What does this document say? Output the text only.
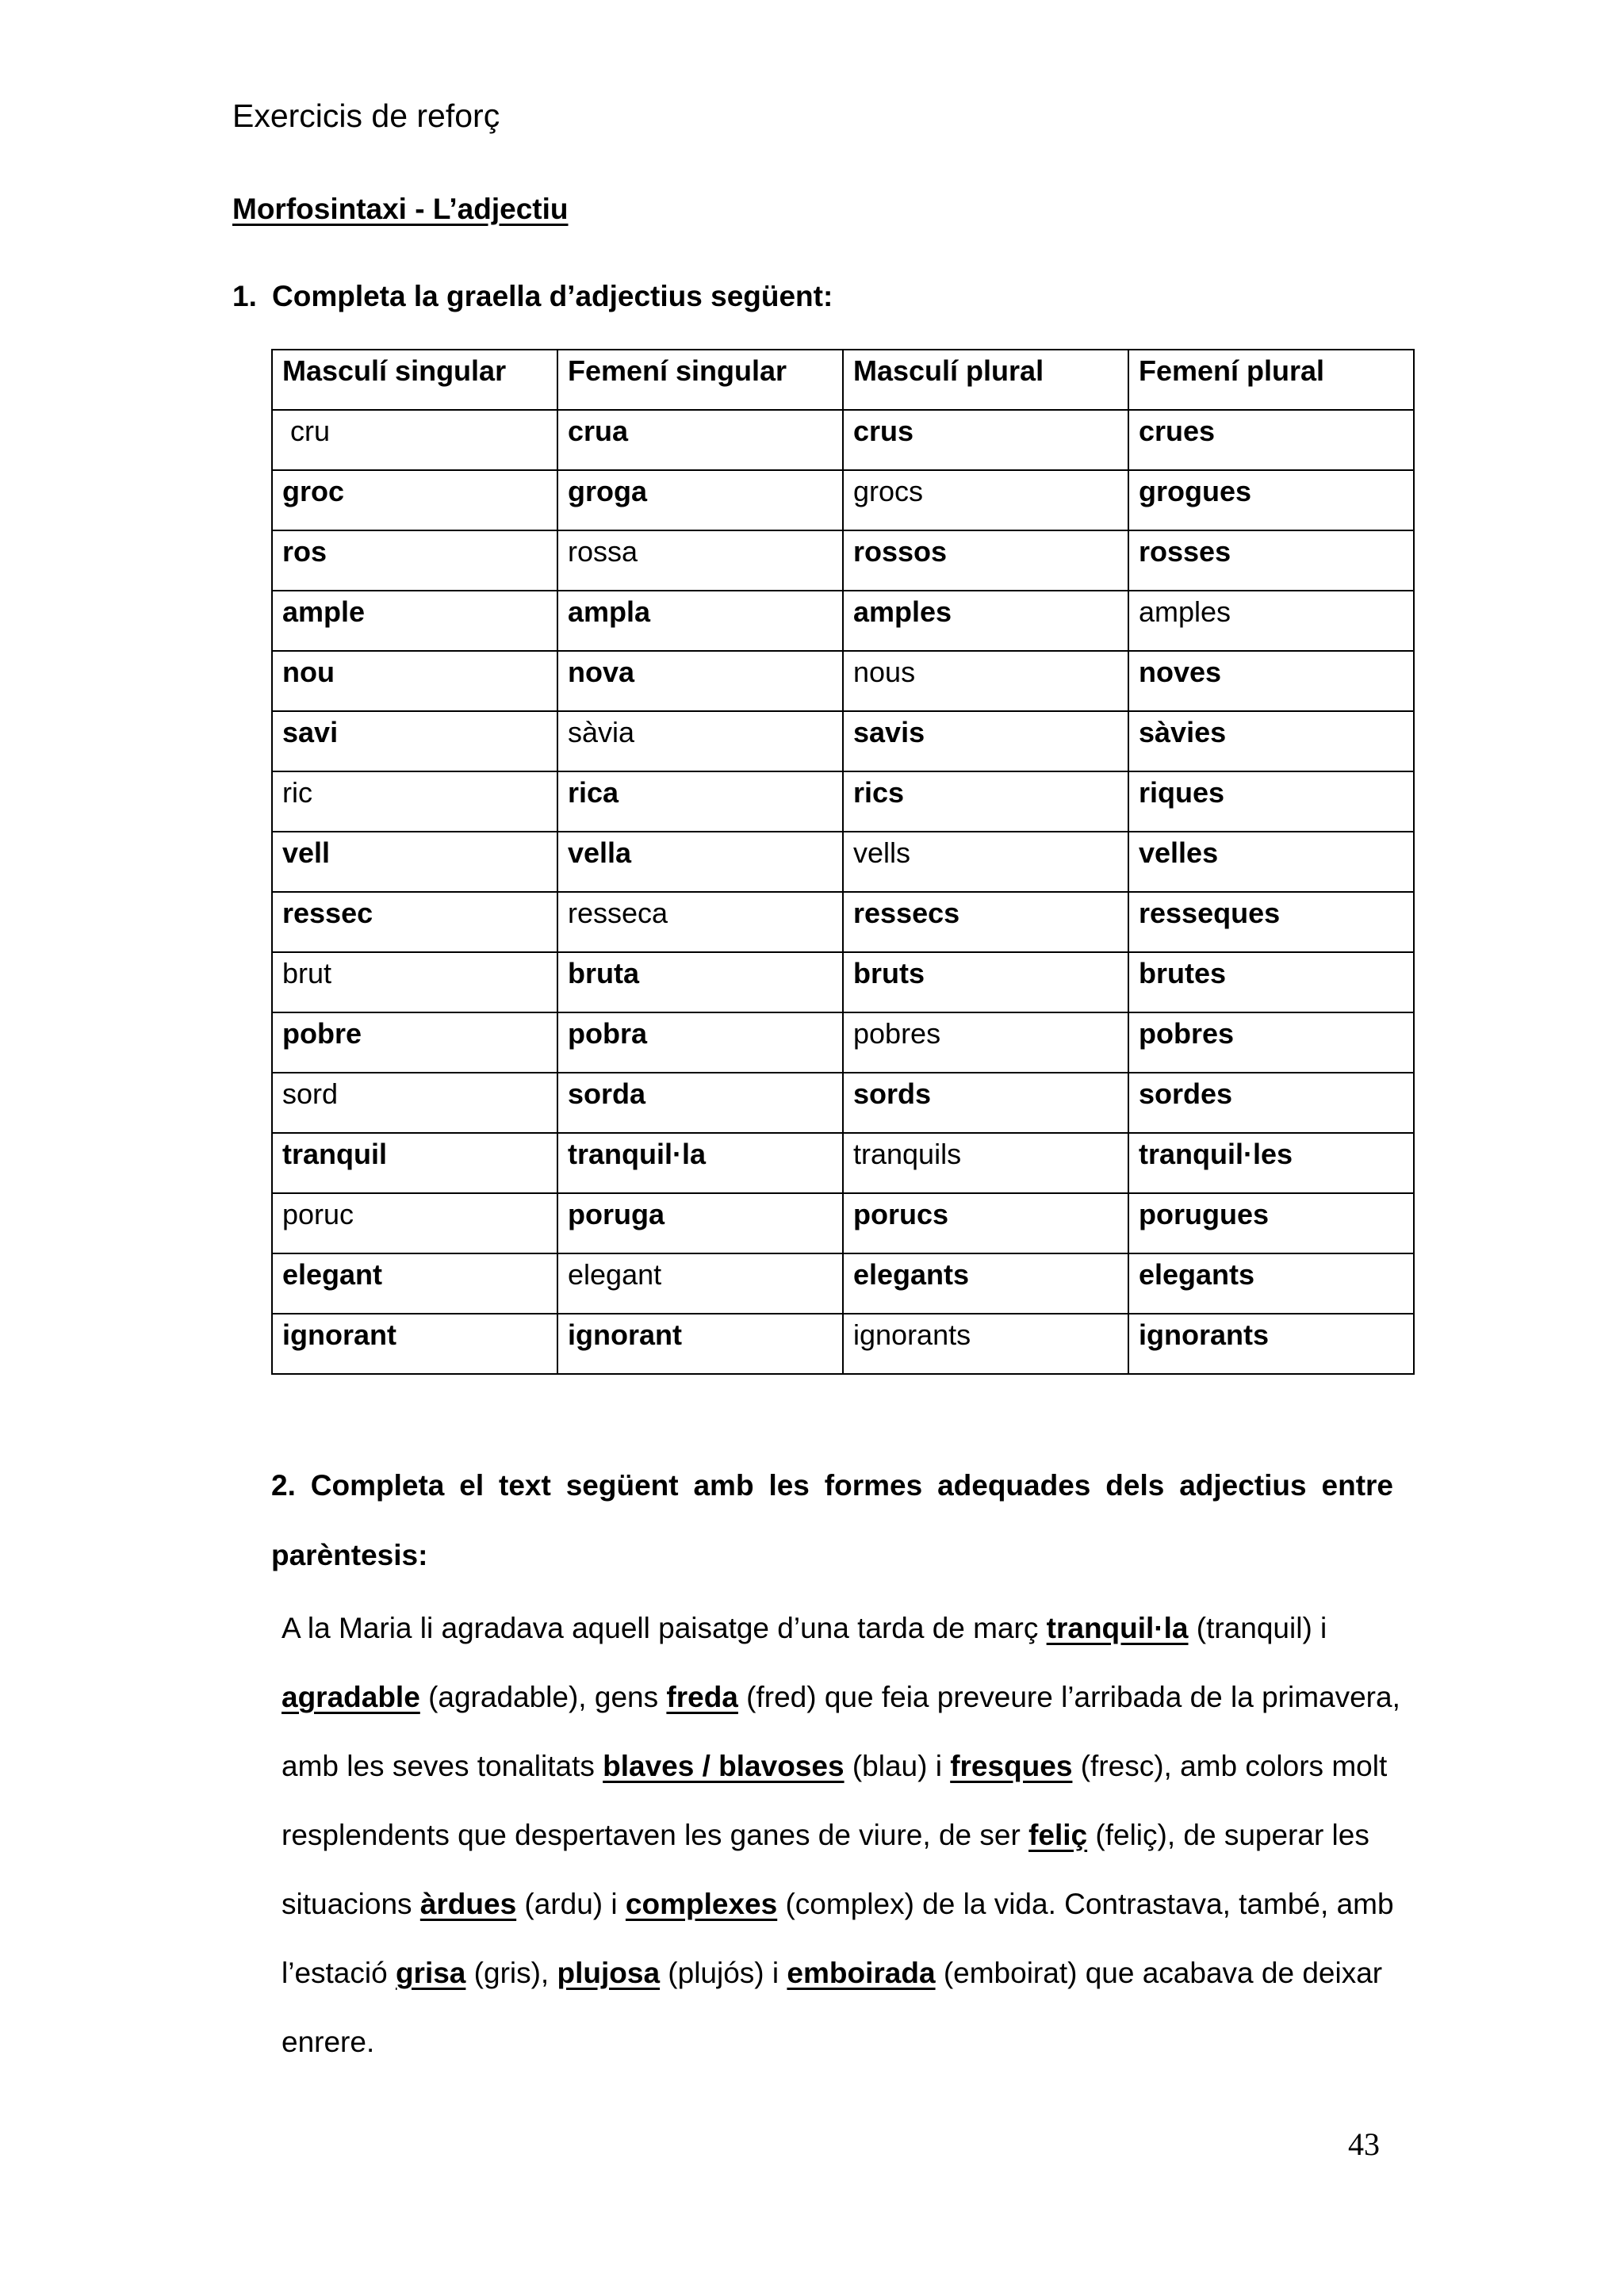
Exercicis de reforç
Morfosintaxi - L’adjectiu
1. Completa la graella d’adjectius següent:
Masculí singular	Femení singular	Masculí plural	Femení plural
cru	crua	crus	crues
groc	groga	grocs	grogues
ros	rossa	rossos	rosses
ample	ampla	amples	amples
nou	nova	nous	noves
savi	sàvia	savis	sàvies
ric	rica	rics	riques
vell	vella	vells	velles
ressec	resseca	ressecs	resseques
brut	bruta	bruts	brutes
pobre	pobra	pobres	pobres
sord	sorda	sords	sordes
tranquil	tranquil·la	tranquils	tranquil·les
poruc	poruga	porucs	porugues
elegant	elegant	elegants	elegants
ignorant	ignorant	ignorants	ignorants
2. Completa el text següent amb les formes adequades dels adjectius entre parèntesis:
A la Maria li agradava aquell paisatge d’una tarda de març tranquil·la (tranquil) i agradable (agradable), gens freda (fred) que feia preveure l’arribada de la primavera, amb les seves tonalitats blaves / blavoses (blau) i fresques (fresc), amb colors molt resplendents que despertaven les ganes de viure, de ser feliç (feliç), de superar les situacions àrdues (ardu) i complexes (complex) de la vida. Contrastava, també, amb l’estació grisa (gris), plujosa (plujós) i emboirada (emboirat) que acabava de deixar enrere.
43
